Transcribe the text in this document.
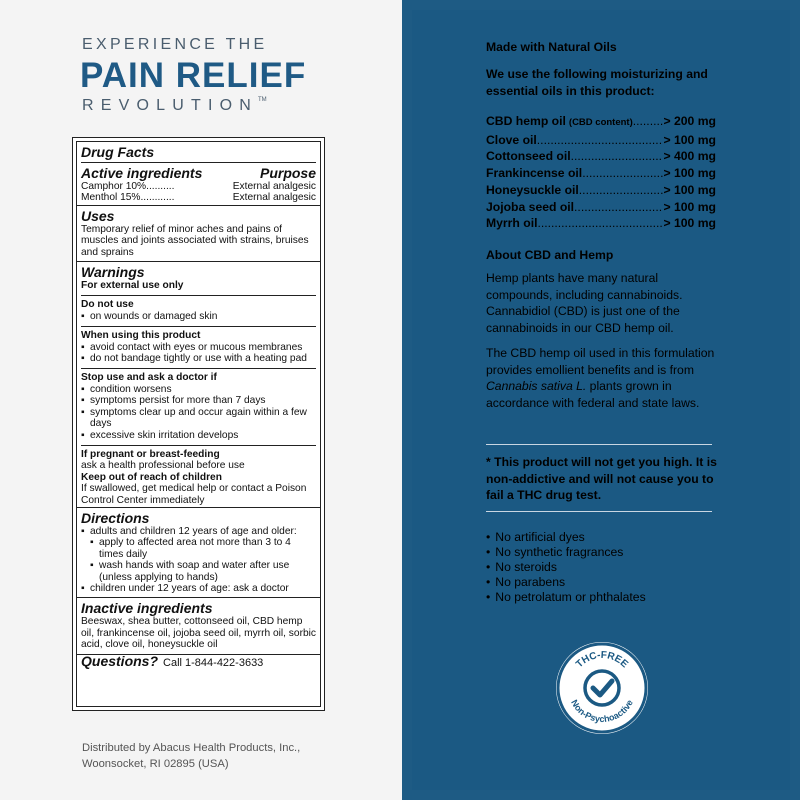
EXPERIENCE THE
PAIN RELIEF
REVOLUTION™
Drug Facts
Active ingredients	Purpose
Camphor 10%..........	External analgesic
Menthol 15%............	External analgesic
Uses
Temporary relief of minor aches and pains of muscles and joints associated with strains, bruises and sprains
Warnings
For external use only
Do not use
▪ on wounds or damaged skin
When using this product
▪ avoid contact with eyes or mucous membranes
▪ do not bandage tightly or use with a heating pad
Stop use and ask a doctor if
▪ condition worsens
▪ symptoms persist for more than 7 days
▪ symptoms clear up and occur again within a few days
▪ excessive skin irritation develops
If pregnant or breast-feeding
ask a health professional before use
Keep out of reach of children
If swallowed, get medical help or contact a Poison Control Center immediately
Directions
▪ adults and children 12 years of age and older:
▪ apply to affected area not more than 3 to 4 times daily
▪ wash hands with soap and water after use (unless applying to hands)
▪ children under 12 years of age: ask a doctor
Inactive ingredients
Beeswax, shea butter, cottonseed oil, CBD hemp oil, frankincense oil, jojoba seed oil, myrrh oil, sorbic acid, clove oil, honeysuckle oil
Questions? Call 1-844-422-3633
Distributed by Abacus Health Products, Inc.,
Woonsocket, RI 02895 (USA)
Made with Natural Oils
We use the following moisturizing and essential oils in this product:
CBD hemp oil (CBD content) .....	> 200 mg
Clove oil .....	> 100 mg
Cottonseed oil .....	> 400 mg
Frankincense oil .....	> 100 mg
Honeysuckle oil .....	> 100 mg
Jojoba seed oil .....	> 100 mg
Myrrh oil .....	> 100 mg
About CBD and Hemp
Hemp plants have many natural compounds, including cannabinoids. Cannabidiol (CBD) is just one of the cannabinoids in our CBD hemp oil.
The CBD hemp oil used in this formulation provides emollient benefits and is from Cannabis sativa L. plants grown in accordance with federal and state laws.
* This product will not get you high. It is non-addictive and will not cause you to fail a THC drug test.
• No artificial dyes
• No synthetic fragrances
• No steroids
• No parabens
• No petrolatum or phthalates
THC-FREE
Non-Psychoactive
